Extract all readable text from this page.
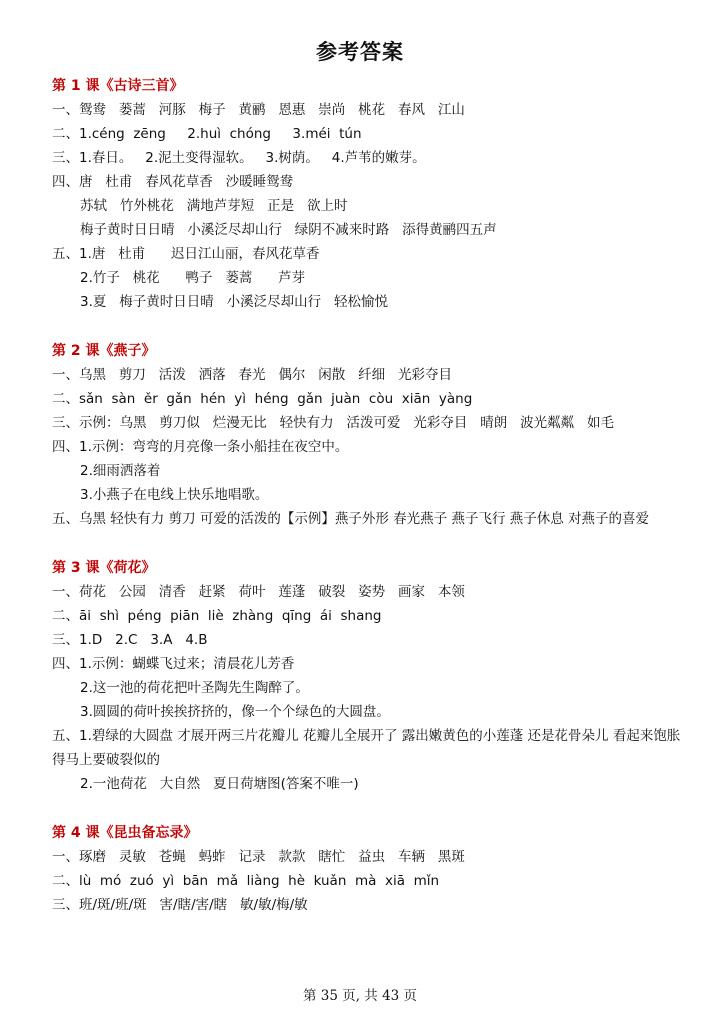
参考答案
第 1 课《古诗三首》
一、鸳鸯   蒌蒿   河豚   梅子   黄鹂   恩惠   崇尚   桃花   春风   江山
二、1.céng  zēng     2.huì  chóng     3.méi  tún
三、1.春日。   2.泥土变得湿软。   3.树荫。   4.芦苇的嫩芽。
四、唐   杜甫   春风花草香   沙暖睡鸳鸯
苏轼   竹外桃花   满地芦芽短   正是   欲上时
梅子黄时日日晴   小溪泛尽却山行   绿阴不减来时路   添得黄鹂四五声
五、1.唐   杜甫      迟日江山丽，春风花草香
2.竹子   桃花      鸭子   蒌蒿      芦芽
3.夏   梅子黄时日日晴   小溪泛尽却山行   轻松愉悦
第 2 课《燕子》
一、乌黑   剪刀   活泼   洒落   春光   偶尔   闲散   纤细   光彩夺目
二、sǎn  sàn  ěr  gǎn  hén  yì  héng  gǎn  juàn  còu  xiān  yàng
三、示例：乌黑   剪刀似   烂漫无比   轻快有力   活泼可爱   光彩夺目   晴朗   波光粼粼   如毛
四、1.示例：弯弯的月亮像一条小船挂在夜空中。
2.细雨洒落着
3.小燕子在电线上快乐地唱歌。
五、乌黑 轻快有力 剪刀 可爱的活泼的【示例】燕子外形 春光燕子 燕子飞行 燕子休息 对燕子的喜爱
第 3 课《荷花》
一、荷花   公园   清香   赶紧   荷叶   莲蓬   破裂   姿势   画家   本领
二、āi  shì  péng  piān  liè  zhàng  qīng  ái  shang
三、1.D   2.C   3.A   4.B
四、1.示例：蝴蝶飞过来；清晨花儿芳香
2.这一池的荷花把叶圣陶先生陶醉了。
3.圆圆的荷叶挨挨挤挤的，像一个个绿色的大圆盘。
五、1.碧绿的大圆盘 才展开两三片花瓣儿 花瓣儿全展开了 露出嫩黄色的小莲蓬 还是花骨朵儿 看起来饱胀得马上要破裂似的
2.一池荷花   大自然   夏日荷塘图(答案不唯一)
第 4 课《昆虫备忘录》
一、琢磨   灵敏   苍蝇   蚂蚱   记录   款款   瞎忙   益虫   车辆   黑斑
二、lù  mó  zuó  yì  bān  mǎ  liàng  hè  kuǎn  mà  xiā  mǐn
三、班/斑/班/斑   害/瞎/害/瞎   敏/敏/梅/敏
第 35 页, 共 43 页
